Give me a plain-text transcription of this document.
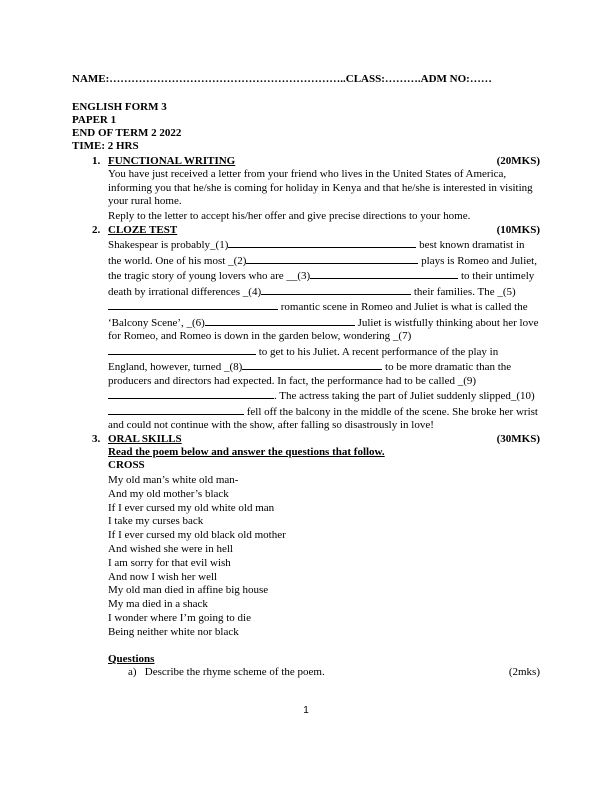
NAME:………………………………………………………..CLASS:……….ADM NO:……
ENGLISH FORM 3
PAPER 1
END OF TERM 2 2022
TIME: 2 HRS
1. FUNCTIONAL WRITING	(20MKS)
You have just received a letter from your friend who lives in the United States of America, informing you that he/she is coming for holiday in Kenya and that he/she is interested in visiting your rural home.
Reply to the letter to accept his/her offer and give precise directions to your home.
2. CLOZE TEST	(10MKS)
Shakespear is probably_(1)	best known dramatist in the world. One of his most _(2)	plays is Romeo and Juliet, the tragic story of young lovers who are __(3)	to their untimely death by irrational differences _(4)	their families. The _(5) romantic scene in Romeo and Juliet is what is called the ‘Balcony Scene’, _(6)	Juliet is wistfully thinking about her love for Romeo, and Romeo is down in the garden below, wondering _(7) to get to his Juliet. A recent performance of the play in England, however, turned _(8)	to be more dramatic than the producers and directors had expected. In fact, the performance had to be called _(9). The actress taking the part of Juliet suddenly slipped_(10) fell off the balcony in the middle of the scene. She broke her wrist and could not continue with the show, after falling so disastrously in love!
3. ORAL SKILLS	(30MKS)
Read the poem below and answer the questions that follow.
CROSS
My old man’s white old man-
And my old mother’s black
If I ever cursed my old white old man
I take my curses back
If I ever cursed my old black old mother
And wished she were in hell
I am sorry for that evil wish
And now I wish her well
My old man died in affine big house
My ma died in a shack
I wonder where I’m going to die
Being neither white nor black
Questions
a)  Describe the rhyme scheme of the poem.	(2mks)
1
